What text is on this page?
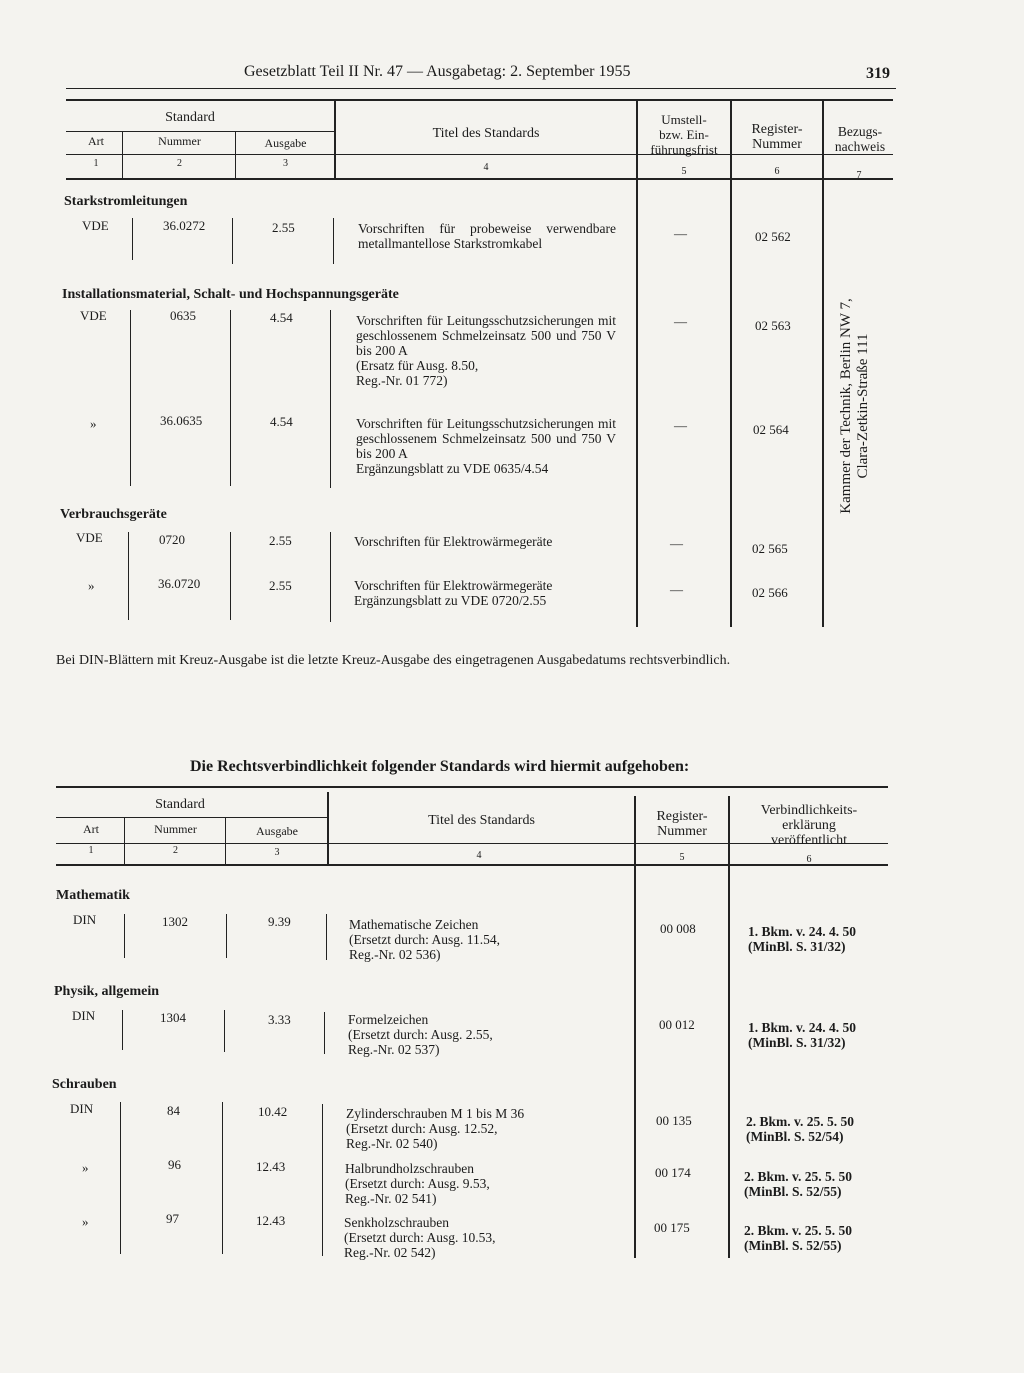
Gesetzblatt Teil II Nr. 47 — Ausgabetag: 2. September 1955	319
Standard
Art	Nummer	Ausgabe
Titel des Standards
Umstell-
bzw. Ein-
führungsfrist
Register-
Nummer
Bezugs-
nachweis
1	2	3	4	5	6	7
Starkstromleitungen
VDE	36.0272	2.55	Vorschriften für probeweise verwendbare metallmantellose Starkstromkabel
—	02 562
Installationsmaterial, Schalt- und Hochspannungsgeräte
VDE	0635	4.54	Vorschriften für Leitungsschutzsicherungen mit geschlossenem Schmelzeinsatz 500 und 750 V bis 200 A
(Ersatz für Ausg. 8.50,
Reg.-Nr. 01 772)
—	02 563
»	36.0635	4.54	Vorschriften für Leitungsschutzsicherungen mit geschlossenem Schmelzeinsatz 500 und 750 V bis 200 A
Ergänzungsblatt zu VDE 0635/4.54
—	02 564
Verbrauchsgeräte
VDE	0720	2.55	Vorschriften für Elektrowärmegeräte	—	02 565
»	36.0720	2.55	Vorschriften für Elektrowärmegeräte
Ergänzungsblatt zu VDE 0720/2.55
—	02 566
Kammer der Technik, Berlin NW 7,
Clara-Zetkin-Straße 111
Bei DIN-Blättern mit Kreuz-Ausgabe ist die letzte Kreuz-Ausgabe des eingetragenen Ausgabedatums rechtsverbindlich.
Die Rechtsverbindlichkeit folgender Standards wird hiermit aufgehoben:
Standard
Art	Nummer	Ausgabe
Titel des Standards	Register-
Nummer
Verbindlichkeits-
erklärung
veröffentlicht
1	2	3	4	5	6
Mathematik
DIN	1302	9.39	Mathematische Zeichen
(Ersetzt durch: Ausg. 11.54,
Reg.-Nr. 02 536)
00 008	1. Bkm. v. 24. 4. 50
(MinBl. S. 31/32)
Physik, allgemein
DIN	1304	3.33	Formelzeichen
(Ersetzt durch: Ausg. 2.55,
Reg.-Nr. 02 537)
00 012	1. Bkm. v. 24. 4. 50
(MinBl. S. 31/32)
Schrauben
DIN	84	10.42	Zylinderschrauben M 1 bis M 36
(Ersetzt durch: Ausg. 12.52,
Reg.-Nr. 02 540)
00 135	2. Bkm. v. 25. 5. 50
(MinBl. S. 52/54)
»	96	12.43	Halbrundholzschrauben
(Ersetzt durch: Ausg. 9.53,
Reg.-Nr. 02 541)
00 174	2. Bkm. v. 25. 5. 50
(MinBl. S. 52/55)
»	97	12.43	Senkholzschrauben
(Ersetzt durch: Ausg. 10.53,
Reg.-Nr. 02 542)
00 175	2. Bkm. v. 25. 5. 50
(MinBl. S. 52/55)
